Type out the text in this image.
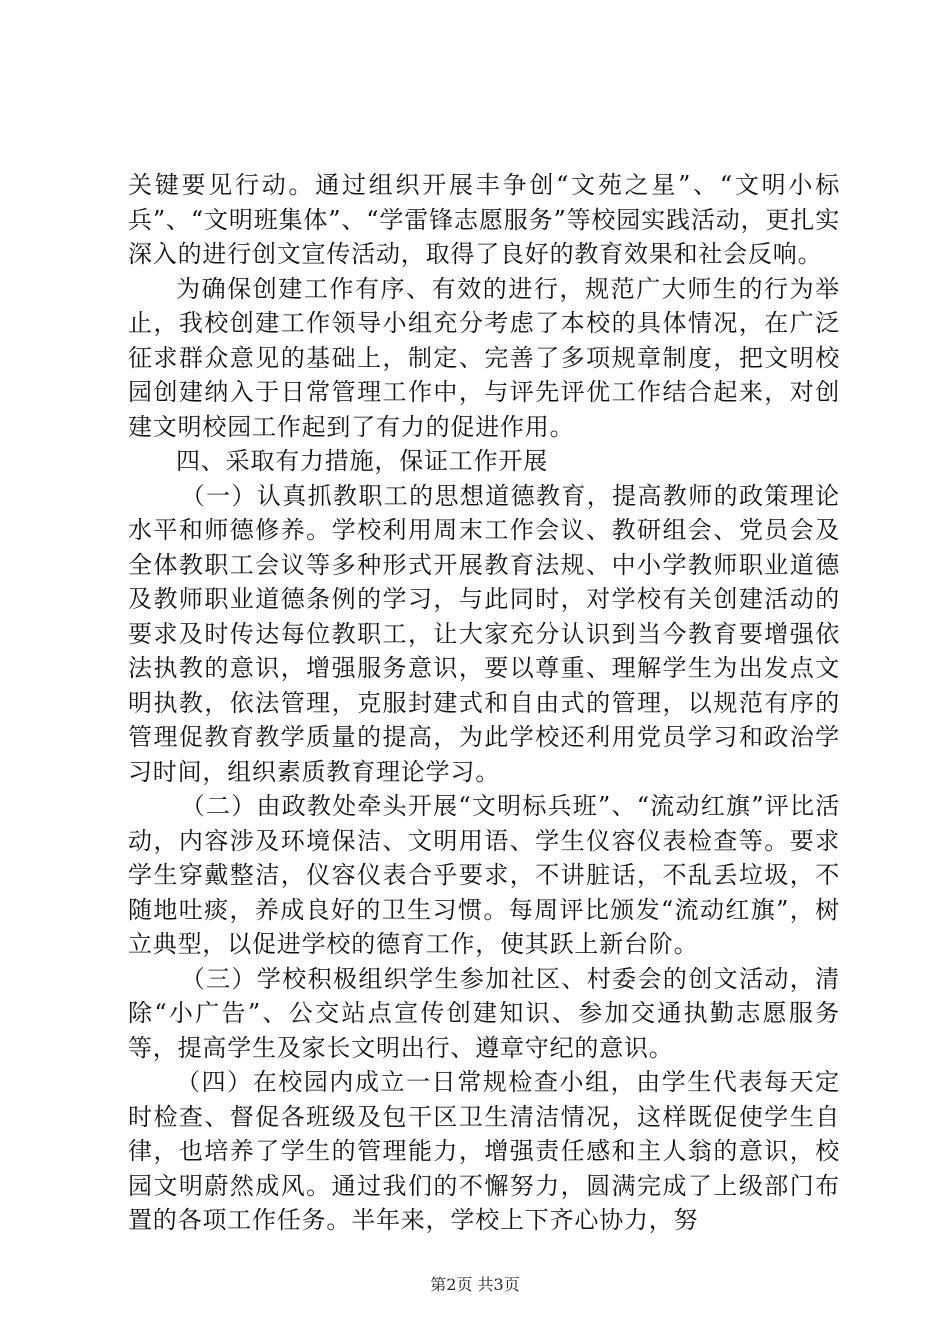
关键要见行动。通过组织开展丰争创“文苑之星”、“文明小标兵”、“文明班集体”、“学雷锋志愿服务”等校园实践活动，更扎实深入的进行创文宣传活动，取得了良好的教育效果和社会反响。

为确保创建工作有序、有效的进行，规范广大师生的行为举止，我校创建工作领导小组充分考虑了本校的具体情况，在广泛征求群众意见的基础上，制定、完善了多项规章制度，把文明校园创建纳入于日常管理工作中，与评先评优工作结合起来，对创建文明校园工作起到了有力的促进作用。

四、采取有力措施，保证工作开展

（一）认真抓教职工的思想道德教育，提高教师的政策理论水平和师德修养。学校利用周末工作会议、教研组会、党员会及全体教职工会议等多种形式开展教育法规、中小学教师职业道德及教师职业道德条例的学习，与此同时，对学校有关创建活动的要求及时传达每位教职工，让大家充分认识到当今教育要增强依法执教的意识，增强服务意识，要以尊重、理解学生为出发点文明执教，依法管理，克服封建式和自由式的管理，以规范有序的管理促教育教学质量的提高，为此学校还利用党员学习和政治学习时间，组织素质教育理论学习。

（二）由政教处牵头开展“文明标兵班”、“流动红旗”评比活动，内容涉及环境保洁、文明用语、学生仪容仪表检查等。要求学生穿戴整洁，仪容仪表合乎要求，不讲脏话，不乱丢垃圾，不随地吐痰，养成良好的卫生习惯。每周评比颁发“流动红旗”，树立典型，以促进学校的德育工作，使其跃上新台阶。

（三）学校积极组织学生参加社区、村委会的创文活动，清除“小广告”、公交站点宣传创建知识、参加交通执勤志愿服务等，提高学生及家长文明出行、遵章守纪的意识。

（四）在校园内成立一日常规检查小组，由学生代表每天定时检查、督促各班级及包干区卫生清洁情况，这样既促使学生自律，也培养了学生的管理能力，增强责任感和主人翁的意识，校园文明蔚然成风。通过我们的不懈努力，圆满完成了上级部门布置的各项工作任务。半年来，学校上下齐心协力，努

第2页 共3页
